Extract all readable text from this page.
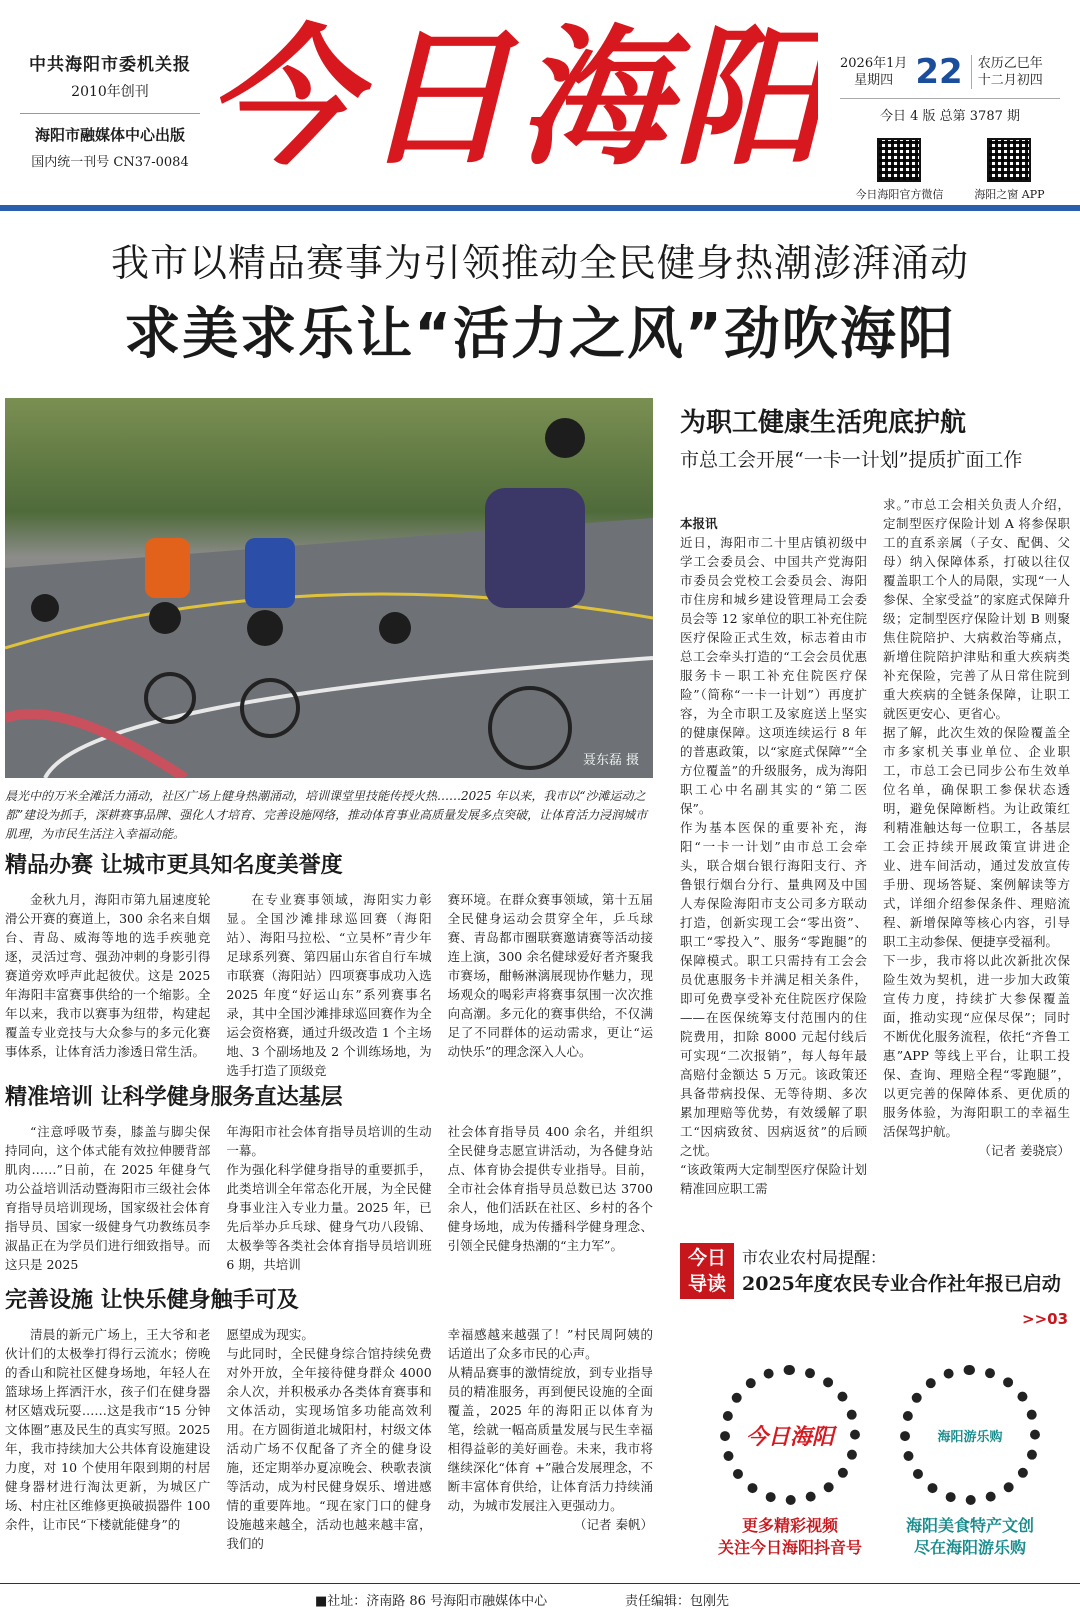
中共海阳市委机关报
2010年创刊
海阳市融媒体中心出版
国内统一刊号 CN37-0084 今日海阳 2026年1月
星期四 22 农历乙巳年
十二月初四
今日 4 版 总第 3787 期
今日海阳官方微信	海阳之窗 APP
我市以精品赛事为引领推动全民健身热潮澎湃涌动
求美求乐让“活力之风”劲吹海阳
聂东磊 摄
晨光中的万米全滩活力涌动，社区广场上健身热潮涌动，培训课堂里技能传授火热……2025 年以来，我市以“沙滩运动之都”建设为抓手，深耕赛事品牌、强化人才培育、完善设施网络，推动体育事业高质量发展多点突破，让体育活力浸润城市肌理，为市民生活注入幸福动能。
精品办赛 让城市更具知名度美誉度

金秋九月，海阳市第九届速度轮滑公开赛的赛道上，300 余名来自烟台、青岛、威海等地的选手疾驰竞逐，灵活过弯、强劲冲刺的身影引得赛道旁欢呼声此起彼伏。这是 2025 年海阳丰富赛事供给的一个缩影。全年以来，我市以赛事为纽带，构建起覆盖专业竞技与大众参与的多元化赛事体系，让体育活力渗透日常生活。

在专业赛事领域，海阳实力彰显。全国沙滩排球巡回赛（海阳站）、海阳马拉松、“立昊杯”青少年足球系列赛、第四届山东省自行车城市联赛（海阳站）四项赛事成功入选 2025 年度“好运山东”系列赛事名录，其中全国沙滩排球巡回赛作为全运会资格赛，通过升级改造 1 个主场地、3 个副场地及 2 个训练场地，为选手打造了顶级竞

赛环境。在群众赛事领域，第十五届全民健身运动会贯穿全年，乒乓球赛、青岛都市圈联赛邀请赛等活动接连上演，300 余名健球爱好者齐聚我市赛场，酣畅淋漓展现协作魅力，现场观众的喝彩声将赛事氛围一次次推向高潮。多元化的赛事供给，不仅满足了不同群体的运动需求，更让“运动快乐”的理念深入人心。

精准培训 让科学健身服务直达基层

“注意呼吸节奏，膝盖与脚尖保持同向，这个体式能有效拉伸腰背部肌肉……”日前，在 2025 年健身气功公益培训活动暨海阳市三级社会体育指导员培训现场，国家级社会体育指导员、国家一级健身气功教练员李淑晶正在为学员们进行细致指导。而这只是 2025

年海阳市社会体育指导员培训的生动一幕。
作为强化科学健身指导的重要抓手，此类培训全年常态化开展，为全民健身事业注入专业力量。2025 年，已先后举办乒乓球、健身气功八段锦、太极拳等各类社会体育指导员培训班 6 期，共培训

社会体育指导员 400 余名，并组织全民健身志愿宣讲活动，为各健身站点、体育协会提供专业指导。目前，全市社会体育指导员总数已达 3700 余人，他们活跃在社区、乡村的各个健身场地，成为传播科学健身理念、引领全民健身热潮的“主力军”。

完善设施 让快乐健身触手可及

清晨的新元广场上，王大爷和老伙计们的太极拳打得行云流水；傍晚的香山和院社区健身场地，年轻人在篮球场上挥洒汗水，孩子们在健身器材区嬉戏玩耍……这是我市“15 分钟文体圈”惠及民生的真实写照。2025 年，我市持续加大公共体育设施建设力度，对 10 个使用年限到期的村居健身器材进行淘汰更新，为城区广场、村庄社区维修更换破损器件 100 余件，让市民“下楼就能健身”的

愿望成为现实。
与此同时，全民健身综合馆持续免费对外开放，全年接待健身群众 4000 余人次，并积极承办各类体育赛事和文体活动，实现场馆多功能高效利用。在方圆街道北城阳村，村级文体活动广场不仅配备了齐全的健身设施，还定期举办夏凉晚会、秧歌表演等活动，成为村民健身娱乐、增进感情的重要阵地。“现在家门口的健身设施越来越全，活动也越来越丰富，我们的

幸福感越来越强了！”村民周阿姨的话道出了众多市民的心声。
从精品赛事的激情绽放，到专业指导员的精准服务，再到便民设施的全面覆盖，2025 年的海阳正以体育为笔，绘就一幅高质量发展与民生幸福相得益彰的美好画卷。未来，我市将继续深化“体育 +”融合发展理念，不断丰富体育供给，让体育活力持续涌动，为城市发展注入更强动力。

（记者 秦帆）
为职工健康生活兜底护航
市总工会开展“一卡一计划”提质扩面工作

本报讯
近日，海阳市二十里店镇初级中学工会委员会、中国共产党海阳市委员会党校工会委员会、海阳市住房和城乡建设管理局工会委员会等 12 家单位的职工补充住院医疗保险正式生效，标志着由市总工会牵头打造的“工会会员优惠服务卡－职工补充住院医疗保险”（简称“一卡一计划”）再度扩容，为全市职工及家庭送上坚实的健康保障。这项连续运行 8 年的普惠政策，以“家庭式保障”“全方位覆盖”的升级服务，成为海阳职工心中名副其实的“第二医保”。
作为基本医保的重要补充，海阳“一卡一计划”由市总工会牵头，联合烟台银行海阳支行、齐鲁银行烟台分行、量典网及中国人寿保险海阳市支公司多方联动打造，创新实现工会“零出资”、职工“零投入”、服务“零跑腿”的保障模式。职工只需持有工会会员优惠服务卡并满足相关条件，即可免费享受补充住院医疗保险——在医保统筹支付范围内的住院费用，扣除 8000 元起付线后可实现“二次报销”，每人每年最高赔付金额达 5 万元。该政策还具备带病投保、无等待期、多次累加理赔等优势，有效缓解了职工“因病致贫、因病返贫”的后顾之忧。
“该政策两大定制型医疗保险计划精准回应职工需

求。”市总工会相关负责人介绍，定制型医疗保险计划 A 将参保职工的直系亲属（子女、配偶、父母）纳入保障体系，打破以往仅覆盖职工个人的局限，实现“一人参保、全家受益”的家庭式保障升级；定制型医疗保险计划 B 则聚焦住院陪护、大病救治等痛点，新增住院陪护津贴和重大疾病类补充保险，完善了从日常住院到重大疾病的全链条保障，让职工就医更安心、更省心。
据了解，此次生效的保险覆盖全市多家机关事业单位、企业职工，市总工会已同步公布生效单位名单，确保职工参保状态透明，避免保障断档。为让政策红利精准触达每一位职工，各基层工会正持续开展政策宣讲进企业、进车间活动，通过发放宣传手册、现场答疑、案例解读等方式，详细介绍参保条件、理赔流程、新增保障等核心内容，引导职工主动参保、便捷享受福利。
下一步，我市将以此次新批次保险生效为契机，进一步加大政策宣传力度，持续扩大参保覆盖面，推动实现“应保尽保”；同时不断优化服务流程，依托“齐鲁工惠”APP 等线上平台，让职工投保、查询、理赔全程“零跑腿”，以更完善的保障体系、更优质的服务体验，为海阳职工的幸福生活保驾护航。

（记者 姜骁宸）
今日
导读
市农业农村局提醒：
2025年度农民专业合作社年报已启动
>>03
今日海阳
更多精彩视频
关注今日海阳抖音号
海阳游乐购
海阳美食特产文创
尽在海阳游乐购
■社址：济南路 86 号海阳市融媒体中心	责任编辑：包刚先
